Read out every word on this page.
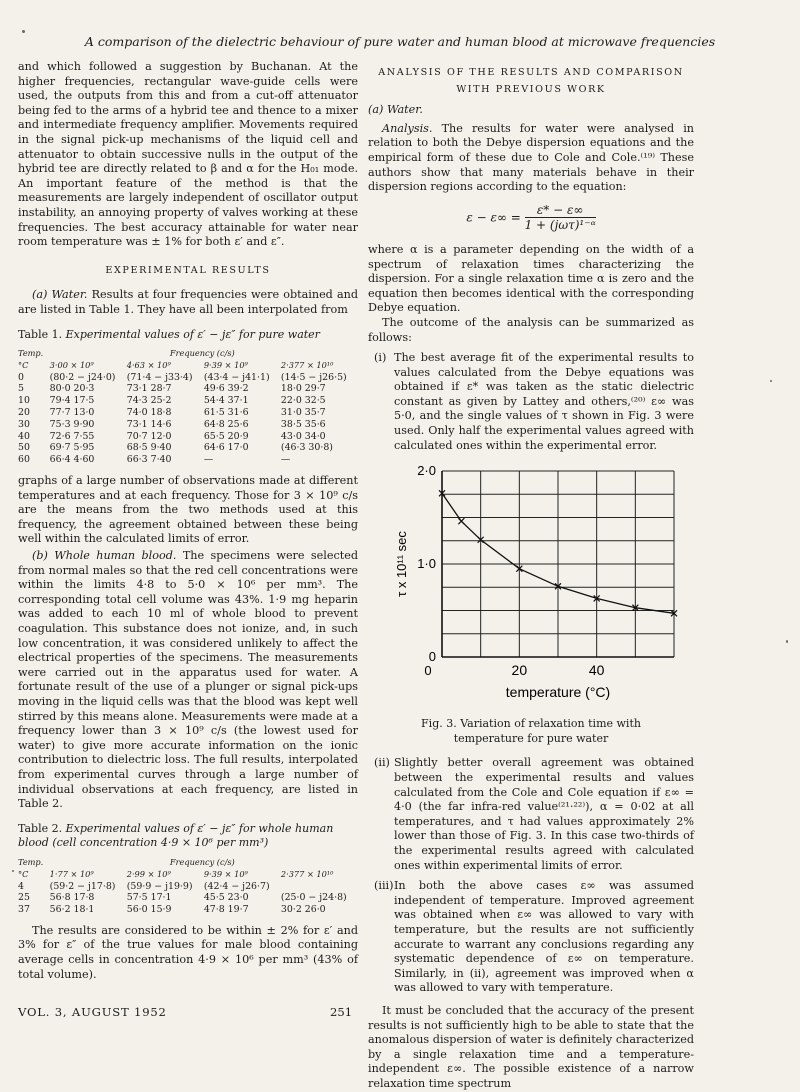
A comparison of the dielectric behaviour of pure water and human blood at microwave frequencies

and which followed a suggestion by Buchanan. At the higher frequencies, rectangular wave-guide cells were used, the outputs from this and from a cut-off attenuator being fed to the arms of a hybrid tee and thence to a mixer and intermediate frequency amplifier. Movements required in the signal pick-up mechanisms of the liquid cell and attenuator to obtain successive nulls in the output of the hybrid tee are directly related to β and α for the H₀₁ mode. An important feature of the method is that the measurements are largely independent of oscillator output instability, an annoying property of valves working at these frequencies. The best accuracy attainable for water near room temperature was ± 1% for both ε′ and ε″.

EXPERIMENTAL RESULTS

(a) Water. Results at four frequencies were obtained and are listed in Table 1. They have all been interpolated from

Table 1. Experimental values of ε′ − jε″ for pure water
Temp.	Frequency (c/s)			
°C	3·00 × 10⁹	4·63 × 10⁹	9·39 × 10⁹	2·377 × 10¹⁰
0	(80·2 − j24·0)	(71·4 − j33·4)	(43·4 − j41·1)	(14·5 − j26·5)
5	80·0 20·3	73·1 28·7	49·6 39·2	18·0 29·7
10	79·4 17·5	74·3 25·2	54·4 37·1	22·0 32·5
20	77·7 13·0	74·0 18·8	61·5 31·6	31·0 35·7
30	75·3 9·90	73·1 14·6	64·8 25·6	38·5 35·6
40	72·6 7·55	70·7 12·0	65·5 20·9	43·0 34·0
50	69·7 5·95	68·5 9·40	64·6 17·0	(46·3 30·8)
60	66·4 4·60	66·3 7·40	—	—

graphs of a large number of observations made at different temperatures and at each frequency. Those for 3 × 10⁹ c/s are the means from the two methods used at this frequency, the agreement obtained between these being well within the calculated limits of error.

(b) Whole human blood. The specimens were selected from normal males so that the red cell concentrations were within the limits 4·8 to 5·0 × 10⁶ per mm³. The corresponding total cell volume was 43%. 1·9 mg heparin was added to each 10 ml of whole blood to prevent coagulation. This substance does not ionize, and, in such low concentration, it was considered unlikely to affect the electrical properties of the specimens. The measurements were carried out in the apparatus used for water. A fortunate result of the use of a plunger or signal pick-ups moving in the liquid cells was that the blood was kept well stirred by this means alone. Measurements were made at a frequency lower than 3 × 10⁹ c/s (the lowest used for water) to give more accurate information on the ionic contribution to dielectric loss. The full results, interpolated from experimental curves through a large number of individual observations at each frequency, are listed in Table 2.

Table 2. Experimental values of ε′ − jε″ for whole human blood (cell concentration 4·9 × 10⁶ per mm³)
Temp.	Frequency (c/s)			
°C	1·77 × 10⁹	2·99 × 10⁹	9·39 × 10⁹	2·377 × 10¹⁰
4	(59·2 − j17·8)	(59·9 − j19·9)	(42·4 − j26·7)	
25	56·8 17·8	57·5 17·1	45·5 23·0	(25·0 − j24·8)
37	56·2 18·1	56·0 15·9	47·8 19·7	30·2 26·0

The results are considered to be within ± 2% for ε′ and 3% for ε″ of the true values for male blood containing average cells in concentration 4·9 × 10⁶ per mm³ (43% of total volume).

ANALYSIS OF THE RESULTS AND COMPARISON
WITH PREVIOUS WORK
(a) Water.

Analysis. The results for water were analysed in relation to both the Debye dispersion equations and the empirical form of these due to Cole and Cole.⁽¹⁹⁾ These authors show that many materials behave in their dispersion regions according to the equation:

$\varepsilon - \varepsilon\infty = \frac{\varepsilon* - \varepsilon\infty}{\text{1 + (jωτ)¹⁻ᵅ}}$

where α is a parameter depending on the width of a spectrum of relaxation times characterizing the dispersion. For a single relaxation time α is zero and the equation then becomes identical with the corresponding Debye equation.

The outcome of the analysis can be summarized as follows:

(i) The best average fit of the experimental results to values calculated from the Debye equations was obtained if ε* was taken as the static dielectric constant as given by Lattey and others,⁽²⁰⁾ ε∞ was 5·0, and the single values of τ shown in Fig. 3 were used. Only half the experimental values agreed with calculated ones within the experimental error.
0
1·0
2·0
20	40
0
temperature (°C)
τ x 10¹¹ sec
Fig. 3. Variation of relaxation time with
temperature for pure water
(ii) Slightly better overall agreement was obtained between the experimental results and values calculated from the Cole and Cole equation if ε∞ = 4·0 (the far infra-red value⁽²¹·²²⁾), α = 0·02 at all temperatures, and τ had values approximately 2% lower than those of Fig. 3. In this case two-thirds of the experimental results agreed with calculated ones within experimental limits of error.
(iii) In both the above cases ε∞ was assumed independent of temperature. Improved agreement was obtained when ε∞ was allowed to vary with temperature, but the results are not sufficiently accurate to warrant any conclusions regarding any systematic dependence of ε∞ on temperature. Similarly, in (ii), agreement was improved when α was allowed to vary with temperature.

It must be concluded that the accuracy of the present results is not sufficiently high to be able to state that the anomalous dispersion of water is definitely characterized by a single relaxation time and a temperature-independent ε∞. The possible existence of a narrow relaxation time spectrum

VOL. 3, AUGUST 1952	251
